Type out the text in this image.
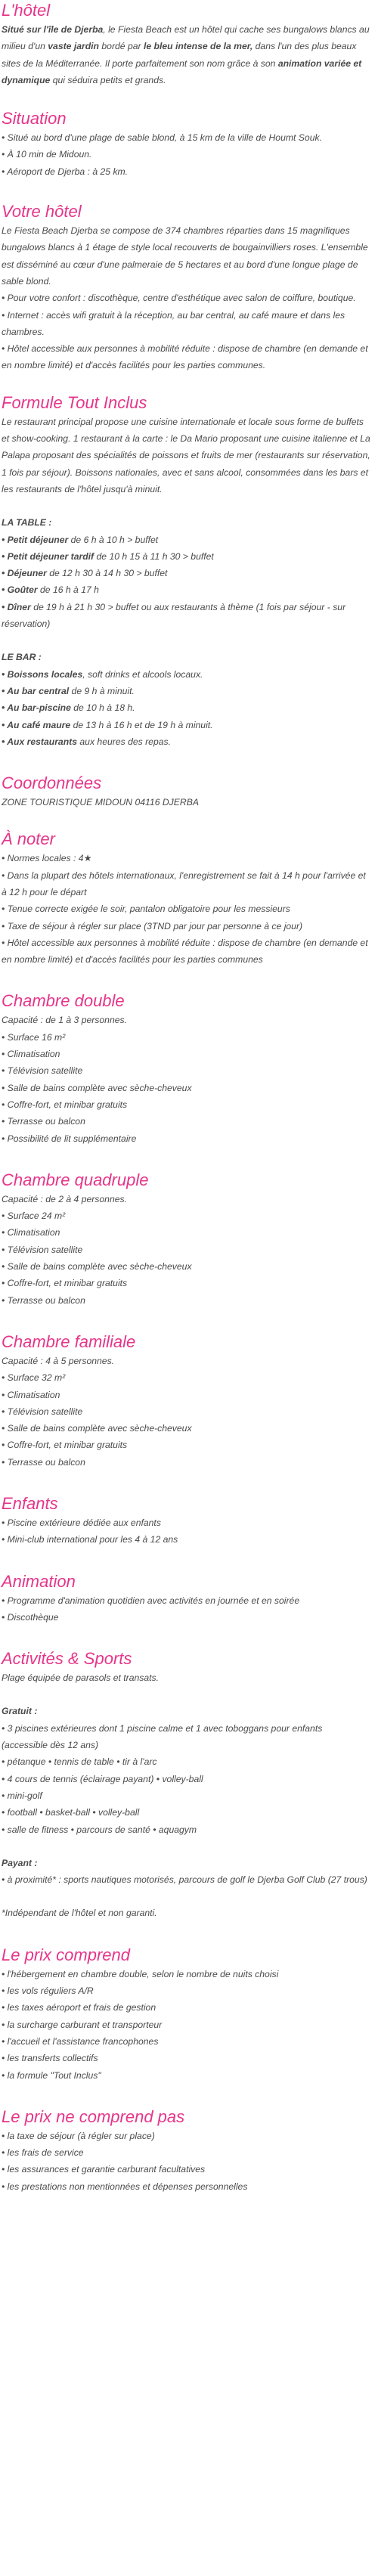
L'hôtel
Situé sur l'île de Djerba, le Fiesta Beach est un hôtel qui cache ses bungalows blancs au milieu d'un vaste jardin bordé par le bleu intense de la mer, dans l'un des plus beaux sites de la Méditerranée. Il porte parfaitement son nom grâce à son animation variée et dynamique qui séduira petits et grands.
Situation

• Situé au bord d'une plage de sable blond, à 15 km de la ville de Houmt Souk.

• À 10 min de Midoun.

• Aéroport de Djerba : à 25 km.

Votre hôtel

Le Fiesta Beach Djerba se compose de 374 chambres réparties dans 15 magnifiques bungalows blancs à 1 étage de style local recouverts de bougainvilliers roses. L'ensemble est disséminé au cœur d'une palmeraie de 5 hectares et au bord d'une longue plage de sable blond.

• Pour votre confort : discothèque, centre d'esthétique avec salon de coiffure, boutique.

• Internet : accès wifi gratuit à la réception, au bar central, au café maure et dans les chambres.

• Hôtel accessible aux personnes à mobilité réduite : dispose de chambre (en demande et en nombre limité) et d'accès facilités pour les parties communes.

Formule Tout Inclus

Le restaurant principal propose une cuisine internationale et locale sous forme de buffets et show-cooking. 1 restaurant à la carte : le Da Mario proposant une cuisine italienne et La Palapa proposant des spécialités de poissons et fruits de mer (restaurants sur réservation, 1 fois par séjour). Boissons nationales, avec et sans alcool, consommées dans les bars et les restaurants de l'hôtel jusqu'à minuit.

LA TABLE :

• Petit déjeuner de 6 h à 10 h > buffet

• Petit déjeuner tardif de 10 h 15 à 11 h 30 > buffet

• Déjeuner de 12 h 30 à 14 h 30 > buffet

• Goûter de 16 h à 17 h

• Dîner de 19 h à 21 h 30 > buffet ou aux restaurants à thème (1 fois par séjour - sur réservation)

LE BAR :

• Boissons locales, soft drinks et alcools locaux.

• Au bar central de 9 h à minuit.

• Au bar-piscine de 10 h à 18 h.

• Au café maure de 13 h à 16 h et de 19 h à minuit.

• Aux restaurants aux heures des repas.

Coordonnées

ZONE TOURISTIQUE MIDOUN 04116 DJERBA

À noter

• Normes locales : 4★

• Dans la plupart des hôtels internationaux, l'enregistrement se fait à 14 h pour l'arrivée et à 12 h pour le départ

• Tenue correcte exigée le soir, pantalon obligatoire pour les messieurs

• Taxe de séjour à régler sur place (3TND par jour par personne à ce jour)

• Hôtel accessible aux personnes à mobilité réduite : dispose de chambre (en demande et en nombre limité) et d'accès facilités pour les parties communes

Chambre double

Capacité : de 1 à 3 personnes.

• Surface 16 m²

• Climatisation

• Télévision satellite

• Salle de bains complète avec sèche-cheveux

• Coffre-fort, et minibar gratuits

• Terrasse ou balcon

• Possibilité de lit supplémentaire

Chambre quadruple

Capacité : de 2 à 4 personnes.

• Surface 24 m²

• Climatisation

• Télévision satellite

• Salle de bains complète avec sèche-cheveux

• Coffre-fort, et minibar gratuits

• Terrasse ou balcon

Chambre familiale

Capacité : 4 à 5 personnes.

• Surface 32 m²

• Climatisation

• Télévision satellite

• Salle de bains complète avec sèche-cheveux

• Coffre-fort, et minibar gratuits

• Terrasse ou balcon

Enfants

• Piscine extérieure dédiée aux enfants

• Mini-club international pour les 4 à 12 ans

Animation

• Programme d'animation quotidien avec activités en journée et en soirée

• Discothèque

Activités & Sports

Plage équipée de parasols et transats.

Gratuit :

• 3 piscines extérieures dont 1 piscine calme et 1 avec toboggans pour enfants (accessible dès 12 ans)

• pétanque • tennis de table • tir à l'arc

• 4 cours de tennis (éclairage payant) • volley-ball

• mini-golf

• football • basket-ball • volley-ball

• salle de fitness • parcours de santé • aquagym

Payant :

• à proximité* : sports nautiques motorisés, parcours de golf le Djerba Golf Club (27 trous)

*Indépendant de l'hôtel et non garanti.

Le prix comprend

• l'hébergement en chambre double, selon le nombre de nuits choisi

• les vols réguliers A/R

• les taxes aéroport et frais de gestion

• la surcharge carburant et transporteur

• l'accueil et l'assistance francophones

• les transferts collectifs

• la formule "Tout Inclus"

Le prix ne comprend pas

• la taxe de séjour (à régler sur place)

• les frais de service

• les assurances et garantie carburant facultatives

• les prestations non mentionnées et dépenses personnelles
